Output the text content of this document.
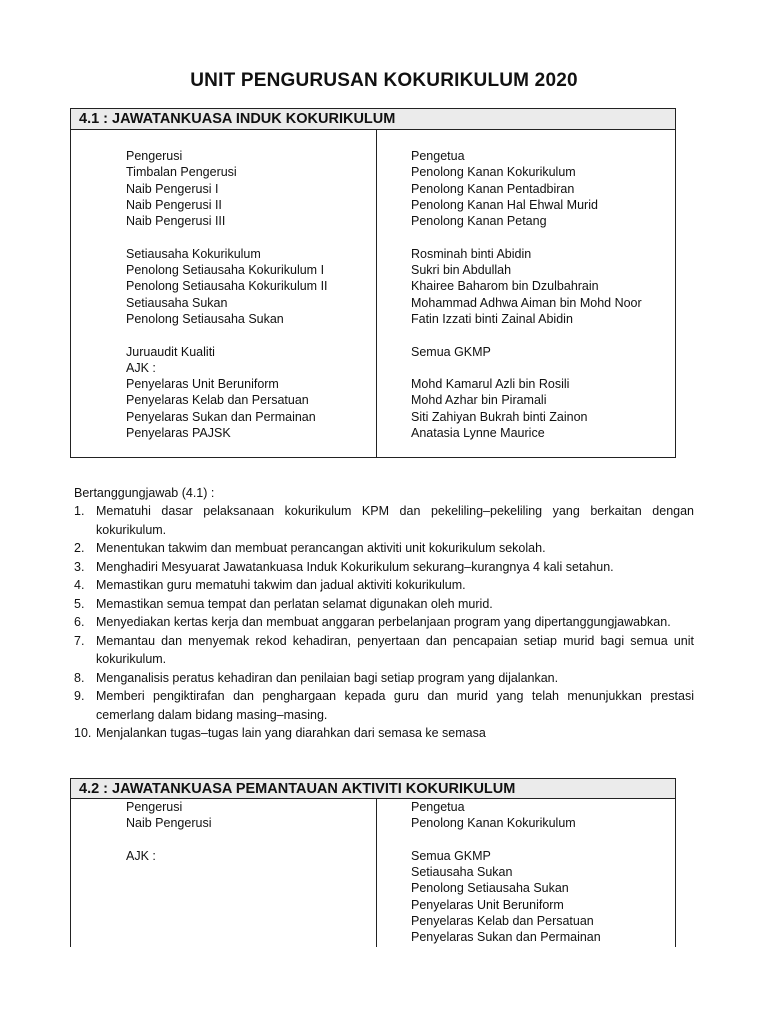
UNIT PENGURUSAN KOKURIKULUM 2020
4.1 : JAWATANKUASA INDUK KOKURIKULUM
Pengerusi
Timbalan Pengerusi
Naib Pengerusi I
Naib Pengerusi II
Naib Pengerusi III
Setiausaha Kokurikulum
Penolong Setiausaha Kokurikulum I
Penolong Setiausaha Kokurikulum II
Setiausaha Sukan
Penolong Setiausaha Sukan
Juruaudit Kualiti
AJK :
Penyelaras Unit Beruniform
Penyelaras Kelab dan Persatuan
Penyelaras Sukan dan Permainan
Penyelaras PAJSK
Pengetua
Penolong Kanan Kokurikulum
Penolong Kanan Pentadbiran
Penolong Kanan Hal Ehwal Murid
Penolong Kanan Petang
Rosminah binti Abidin
Sukri bin Abdullah
Khairee Baharom bin Dzulbahrain
Mohammad Adhwa Aiman bin Mohd Noor
Fatin Izzati binti Zainal Abidin
Semua GKMP
Mohd Kamarul Azli bin Rosili
Mohd Azhar bin Piramali
Siti Zahiyan Bukrah binti Zainon
Anatasia Lynne Maurice
Bertanggungjawab (4.1) :
1. Mematuhi dasar pelaksanaan kokurikulum KPM dan pekeliling–pekeliling yang berkaitan dengan kokurikulum.
2. Menentukan takwim dan membuat perancangan aktiviti unit kokurikulum sekolah.
3. Menghadiri Mesyuarat Jawatankuasa Induk Kokurikulum sekurang–kurangnya 4 kali setahun.
4. Memastikan guru mematuhi takwim dan jadual aktiviti kokurikulum.
5. Memastikan semua tempat dan perlatan selamat digunakan oleh murid.
6. Menyediakan kertas kerja dan membuat anggaran perbelanjaan program yang dipertanggungjawabkan.
7. Memantau dan menyemak rekod kehadiran, penyertaan dan pencapaian setiap murid bagi semua unit kokurikulum.
8. Menganalisis peratus kehadiran dan penilaian bagi setiap program yang dijalankan.
9. Memberi pengiktirafan dan penghargaan kepada guru dan murid yang telah menunjukkan prestasi cemerlang dalam bidang masing–masing.
10. Menjalankan tugas–tugas lain yang diarahkan dari semasa ke semasa
4.2 : JAWATANKUASA PEMANTAUAN AKTIVITI KOKURIKULUM
Pengerusi
Naib Pengerusi
AJK :
Pengetua
Penolong Kanan Kokurikulum
Semua GKMP
Setiausaha Sukan
Penolong Setiausaha Sukan
Penyelaras Unit Beruniform
Penyelaras Kelab dan Persatuan
Penyelaras Sukan dan Permainan
